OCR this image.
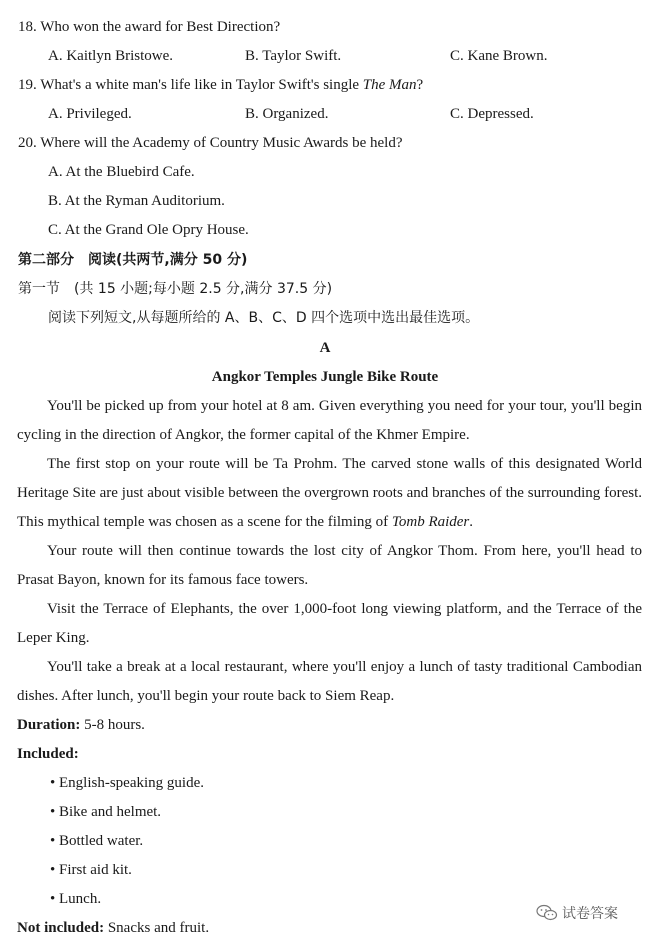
18. Who won the award for Best Direction?
A. Kaitlyn Bristowe.	B. Taylor Swift.	C. Kane Brown.
19. What's a white man's life like in Taylor Swift's single The Man?
A. Privileged.	B. Organized.	C. Depressed.
20. Where will the Academy of Country Music Awards be held?
A. At the Bluebird Cafe.
B. At the Ryman Auditorium.
C. At the Grand Ole Opry House.
第二部分　阅读(共两节,满分 50 分)
第一节　(共 15 小题;每小题 2.5 分,满分 37.5 分)
阅读下列短文,从每题所给的 A、B、C、D 四个选项中选出最佳选项。
A
Angkor Temples Jungle Bike Route
You'll be picked up from your hotel at 8 am. Given everything you need for your tour, you'll begin cycling in the direction of Angkor, the former capital of the Khmer Empire.
The first stop on your route will be Ta Prohm. The carved stone walls of this designated World Heritage Site are just about visible between the overgrown roots and branches of the surrounding forest. This mythical temple was chosen as a scene for the filming of Tomb Raider.
Your route will then continue towards the lost city of Angkor Thom. From here, you'll head to Prasat Bayon, known for its famous face towers.
Visit the Terrace of Elephants, the over 1,000-foot long viewing platform, and the Terrace of the Leper King.
You'll take a break at a local restaurant, where you'll enjoy a lunch of tasty traditional Cambodian dishes. After lunch, you'll begin your route back to Siem Reap.
Duration: 5-8 hours.
Included:
• English-speaking guide.
• Bike and helmet.
• Bottled water.
• First aid kit.
• Lunch.
Not included: Snacks and fruit.
试卷答案
